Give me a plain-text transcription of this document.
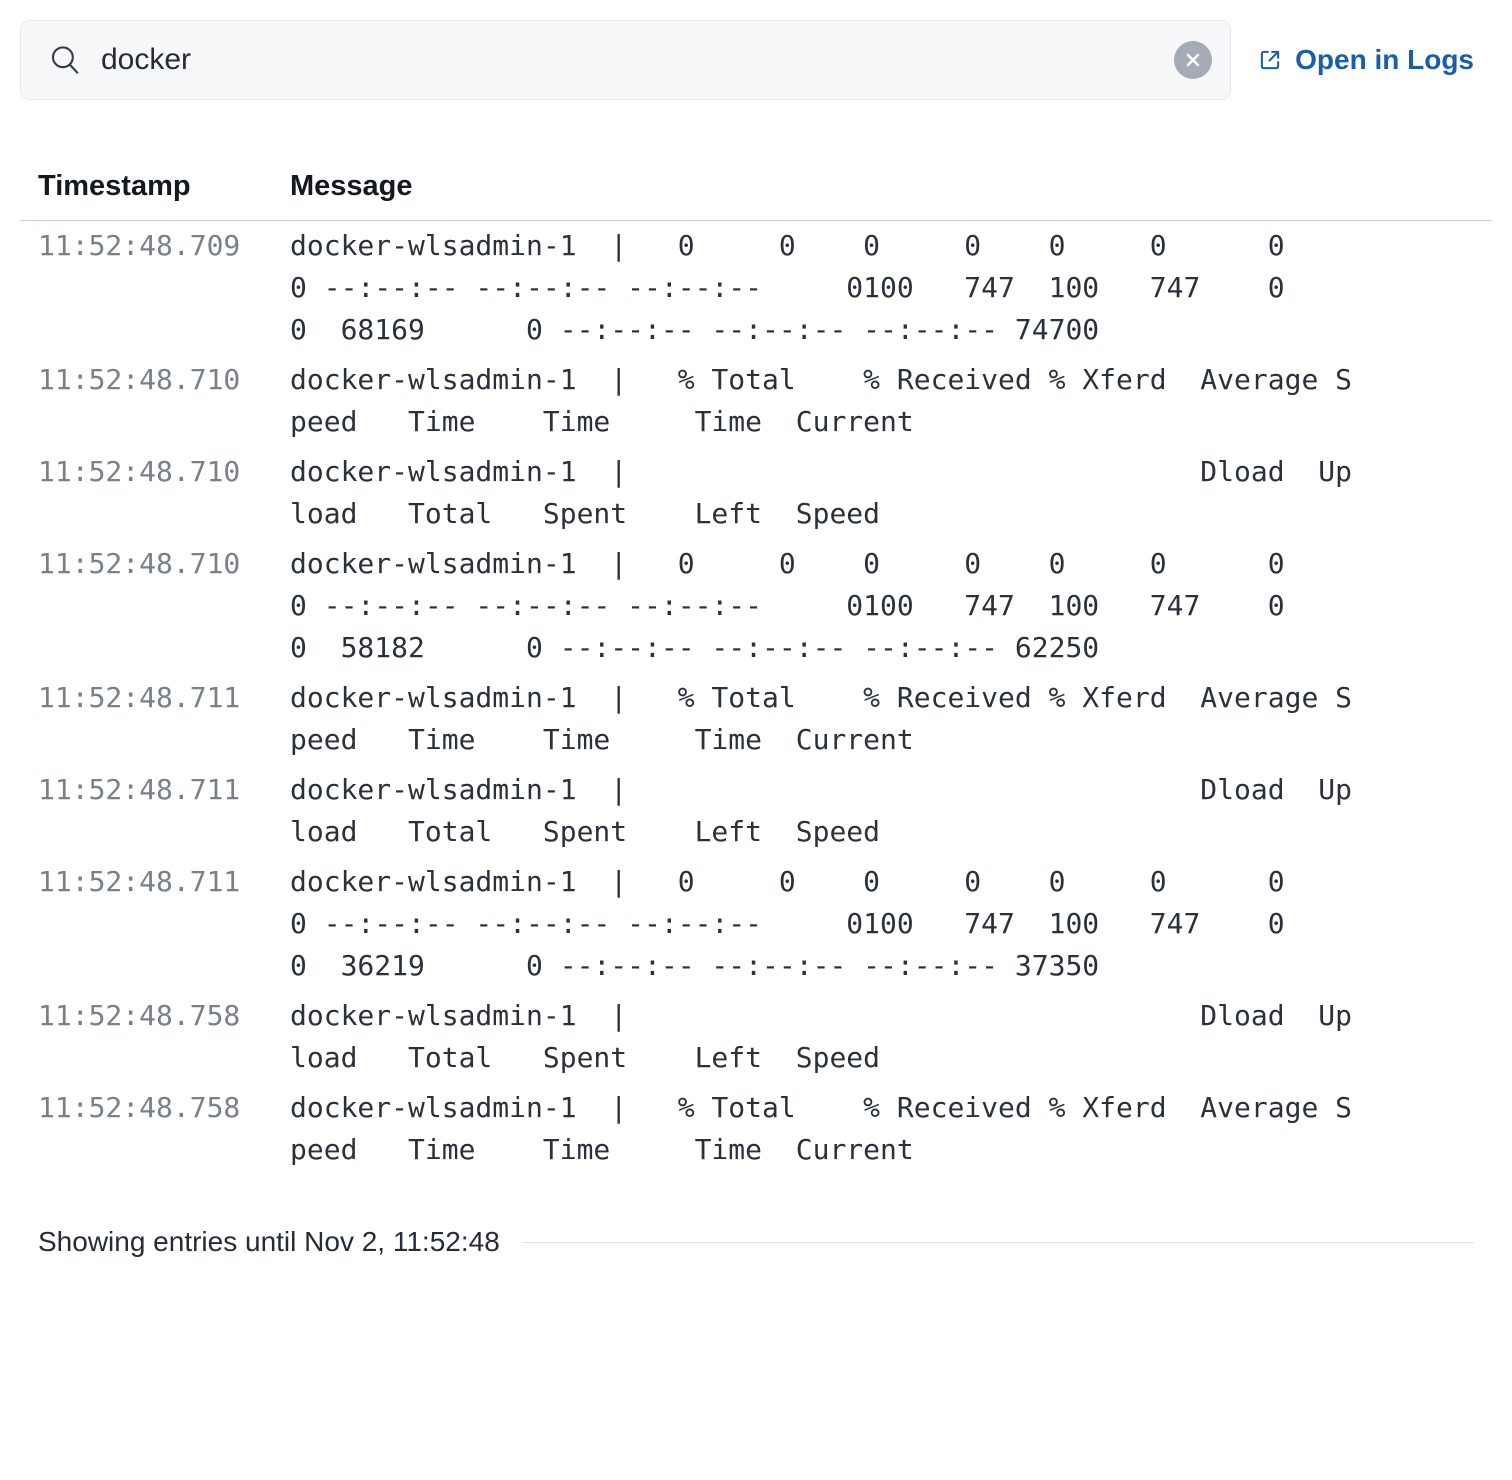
docker
Open in Logs
Timestamp	Message
11:52:48.709	docker-wlsadmin-1  |   0     0    0     0    0     0      0
0 --:--:-- --:--:-- --:--:--     0100   747  100   747    0
0  68169      0 --:--:-- --:--:-- --:--:-- 74700
11:52:48.710	docker-wlsadmin-1  |   % Total    % Received % Xferd  Average S
peed   Time    Time     Time  Current
11:52:48.710	docker-wlsadmin-1  |                                  Dload  Up
load   Total   Spent    Left  Speed
11:52:48.710	docker-wlsadmin-1  |   0     0    0     0    0     0      0
0 --:--:-- --:--:-- --:--:--     0100   747  100   747    0
0  58182      0 --:--:-- --:--:-- --:--:-- 62250
11:52:48.711	docker-wlsadmin-1  |   % Total    % Received % Xferd  Average S
peed   Time    Time     Time  Current
11:52:48.711	docker-wlsadmin-1  |                                  Dload  Up
load   Total   Spent    Left  Speed
11:52:48.711	docker-wlsadmin-1  |   0     0    0     0    0     0      0
0 --:--:-- --:--:-- --:--:--     0100   747  100   747    0
0  36219      0 --:--:-- --:--:-- --:--:-- 37350
11:52:48.758	docker-wlsadmin-1  |                                  Dload  Up
load   Total   Spent    Left  Speed
11:52:48.758	docker-wlsadmin-1  |   % Total    % Received % Xferd  Average S
peed   Time    Time     Time  Current
Showing entries until Nov 2, 11:52:48
